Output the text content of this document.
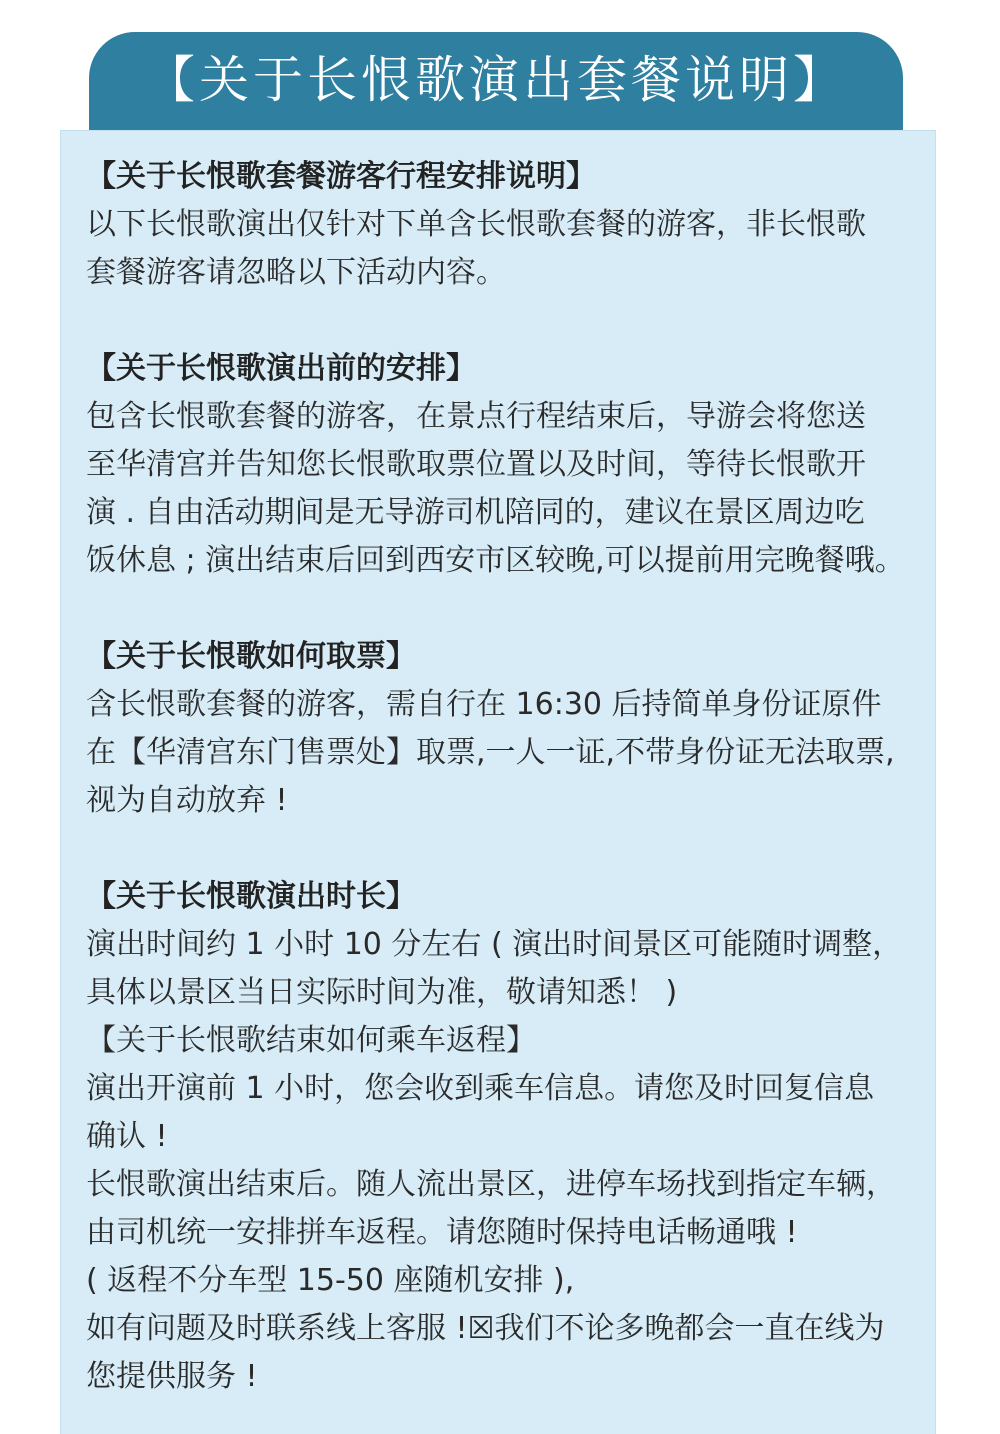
【关于长恨歌演出套餐说明】
【关于长恨歌套餐游客行程安排说明】
以下长恨歌演出仅针对下单含长恨歌套餐的游客，非长恨歌
套餐游客请忽略以下活动内容。
【关于长恨歌演出前的安排】
包含长恨歌套餐的游客，在景点行程结束后，导游会将您送
至华清宫并告知您长恨歌取票位置以及时间，等待长恨歌开
演 . 自由活动期间是无导游司机陪同的，建议在景区周边吃
饭休息 ; 演出结束后回到西安市区较晚,可以提前用完晚餐哦。
【关于长恨歌如何取票】
含长恨歌套餐的游客，需自行在 16:30 后持简单身份证原件
在【华清宫东门售票处】取票,一人一证,不带身份证无法取票,
视为自动放弃 !
【关于长恨歌演出时长】
演出时间约 1 小时 10 分左右 ( 演出时间景区可能随时调整，
具体以景区当日实际时间为准，敬请知悉！ )
【关于长恨歌结束如何乘车返程】
演出开演前 1 小时，您会收到乘车信息。请您及时回复信息
确认 !
长恨歌演出结束后。随人流出景区，进停车场找到指定车辆，
由司机统一安排拼车返程。请您随时保持电话畅通哦 !
( 返程不分车型 15-50 座随机安排 ),
如有问题及时联系线上客服 !☒我们不论多晚都会一直在线为
您提供服务 !
